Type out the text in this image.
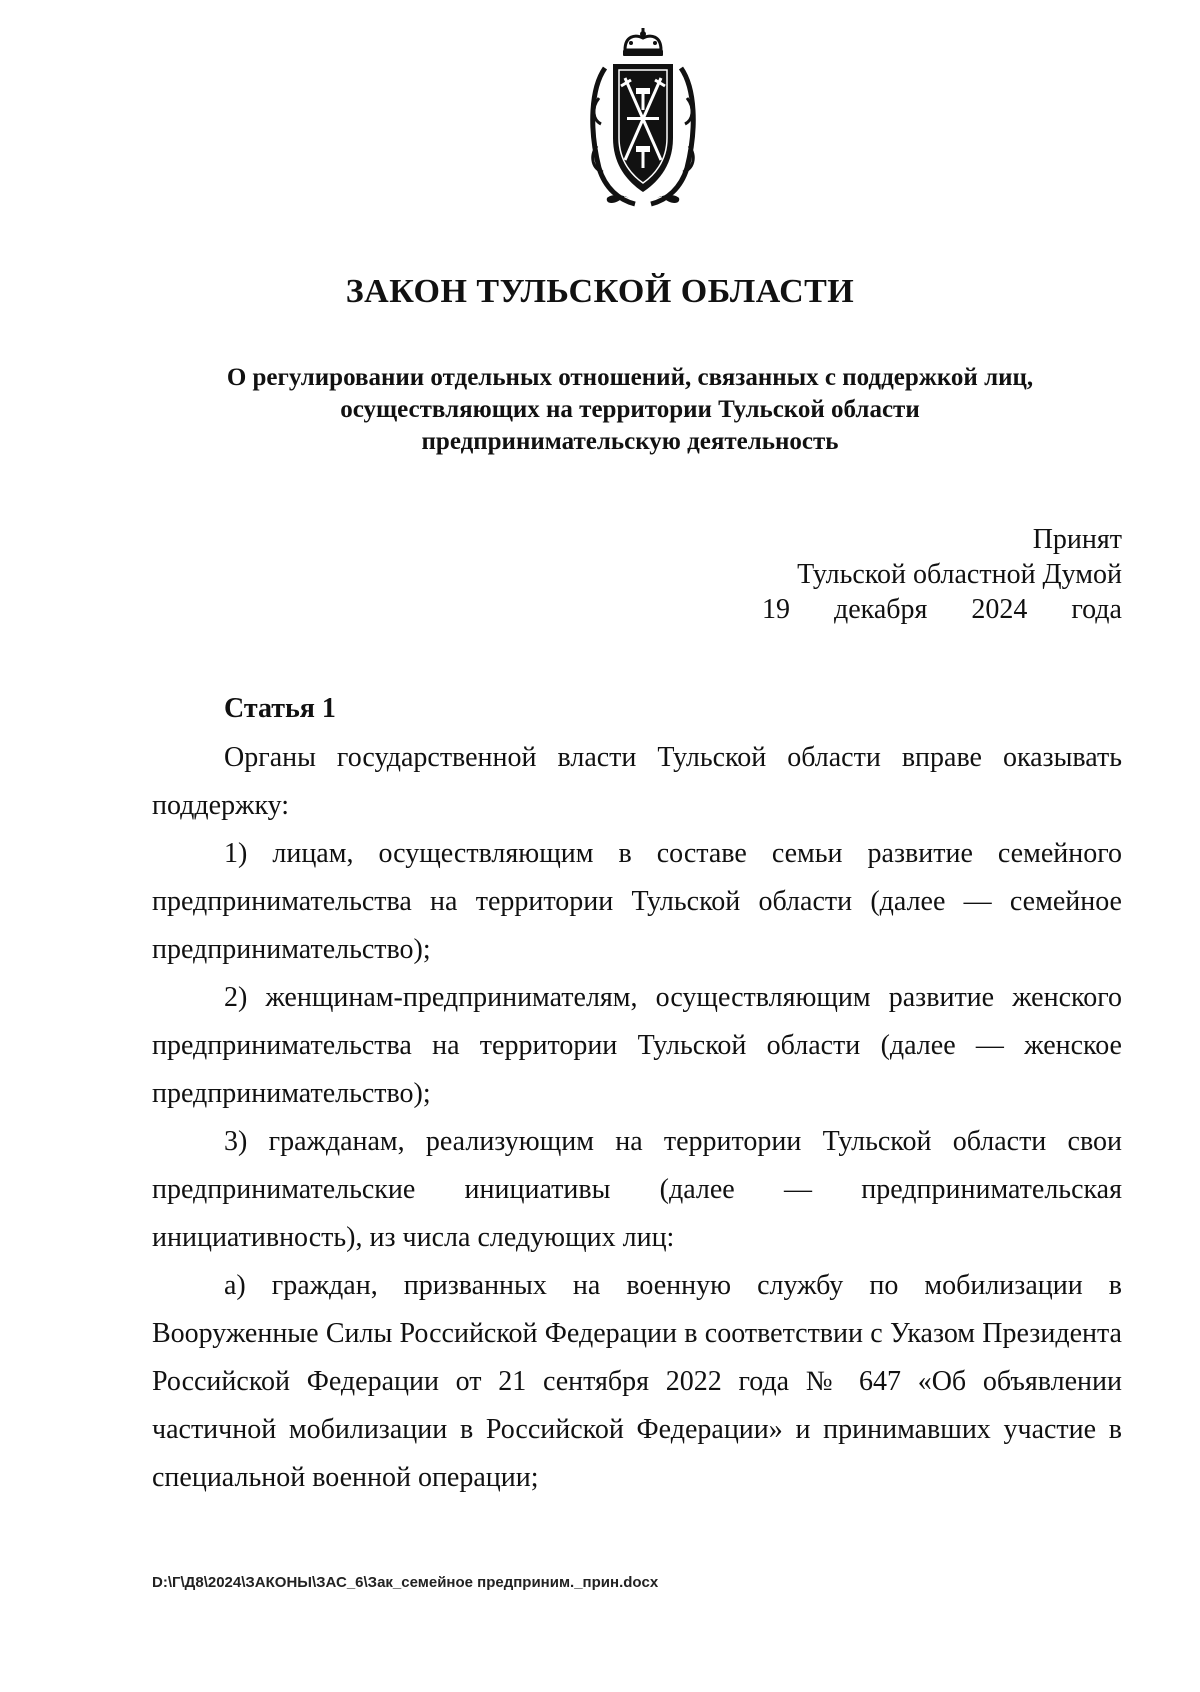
ЗАКОН ТУЛЬСКОЙ ОБЛАСТИ
О регулировании отдельных отношений, связанных с поддержкой лиц,
осуществляющих на территории Тульской области
предпринимательскую деятельность
Принят
Тульской областной Думой
19 декабря 2024 года
Статья 1

Органы государственной власти Тульской области вправе оказывать поддержку:

1) лицам, осуществляющим в составе семьи развитие семейного предпринимательства на территории Тульской области (далее — семейное предпринимательство);

2) женщинам-предпринимателям, осуществляющим развитие женского предпринимательства на территории Тульской области (далее — женское предпринимательство);

3) гражданам, реализующим на территории Тульской области свои предпринимательские инициативы (далее — предпринимательская инициативность), из числа следующих лиц:

а) граждан, призванных на военную службу по мобилизации в Вооруженные Силы Российской Федерации в соответствии с Указом Президента Российской Федерации от 21 сентября 2022 года № 647 «Об объявлении частичной мобилизации в Российской Федерации» и принимавших участие в специальной военной операции;

D:\Г\Д8\2024\ЗАКОНЫ\ЗАС_6\Зак_семейное предприним._прин.docx
